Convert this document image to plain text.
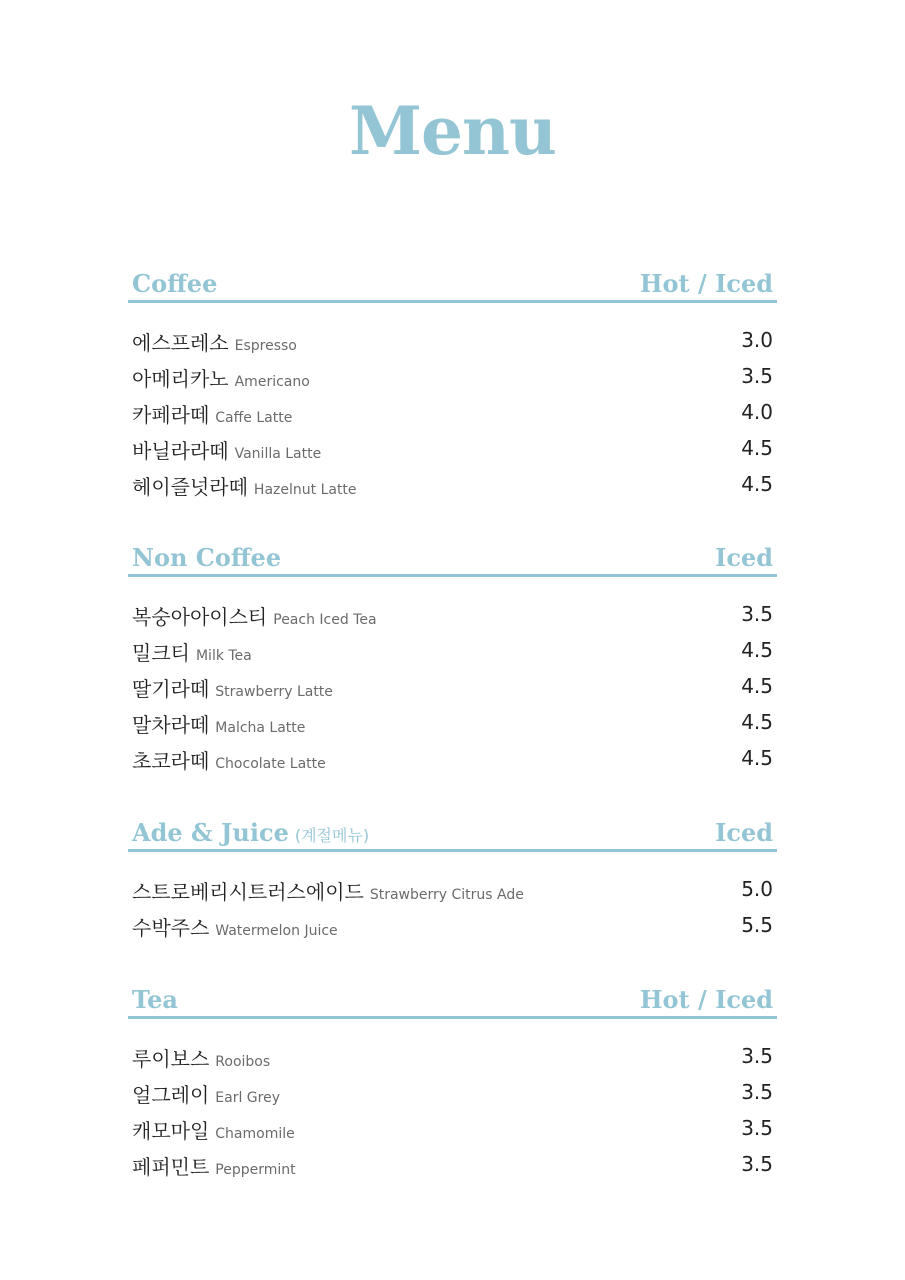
Menu
Coffee	Hot / Iced
에스프레소 Espresso	3.0
아메리카노 Americano	3.5
카페라떼 Caffe Latte	4.0
바닐라라떼 Vanilla Latte	4.5
헤이즐넛라떼 Hazelnut Latte	4.5
Non Coffee	Iced
복숭아아이스티 Peach Iced Tea	3.5
밀크티 Milk Tea	4.5
딸기라떼 Strawberry Latte	4.5
말차라떼 Malcha Latte	4.5
초코라떼 Chocolate Latte	4.5
Ade & Juice (계절메뉴)	Iced
스트로베리시트러스에이드 Strawberry Citrus Ade	5.0
수박주스 Watermelon Juice	5.5
Tea	Hot / Iced
루이보스 Rooibos	3.5
얼그레이 Earl Grey	3.5
캐모마일 Chamomile	3.5
페퍼민트 Peppermint	3.5
